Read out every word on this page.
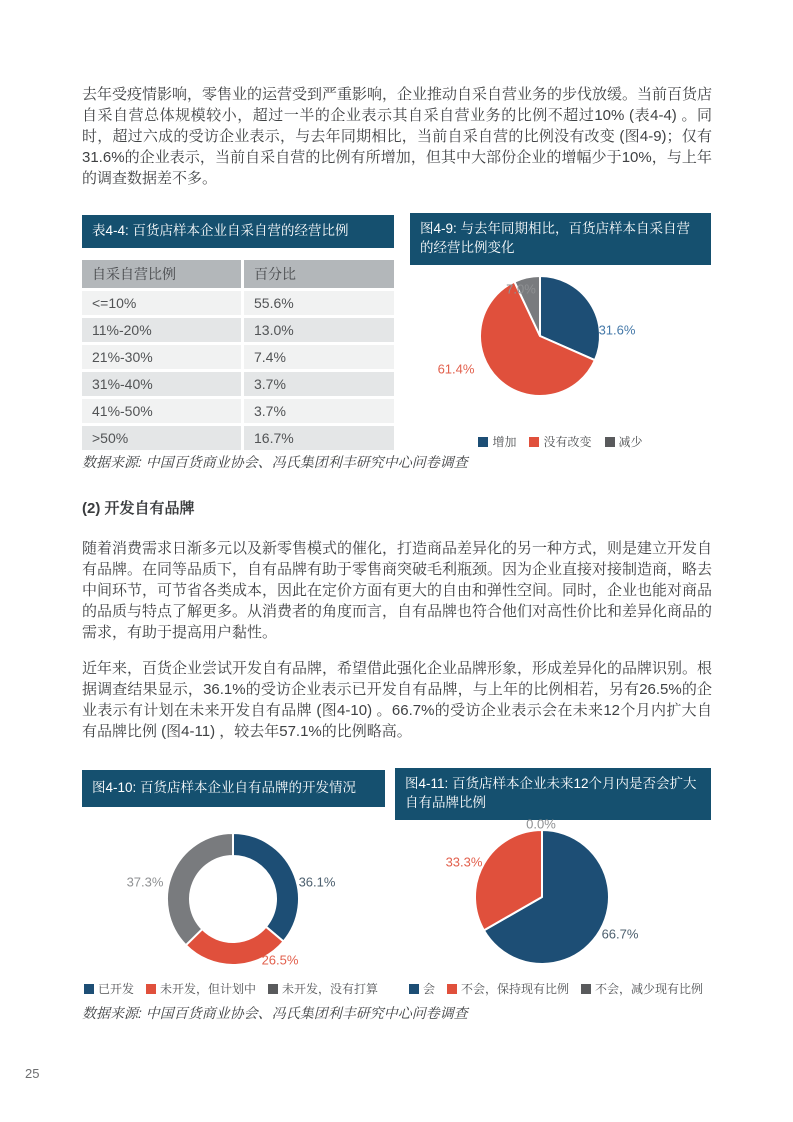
去年受疫情影响，零售业的运营受到严重影响，企业推动自采自营业务的步伐放缓。当前百货店自采自营总体规模较小，超过一半的企业表示其自采自营业务的比例不超过10% (表4-4) 。同时，超过六成的受访企业表示，与去年同期相比，当前自采自营的比例没有改变 (图4-9)；仅有31.6%的企业表示，当前自采自营的比例有所增加，但其中大部份企业的增幅少于10%，与上年的调查数据差不多。

表4-4: 百货店样本企业自采自营的经营比例
自采自营比例	百分比
<=10%	55.6%
11%-20%	13.0%
21%-30%	7.4%
31%-40%	3.7%
41%-50%	3.7%
>50%	16.7%
图4-9: 与去年同期相比，百货店样本自采自营的经营比例变化
7.0%
31.6%
61.4%
增加 没有改变 减少

数据来源: 中国百货商业协会、冯氏集团利丰研究中心问卷调查

(2) 开发自有品牌

随着消费需求日渐多元以及新零售模式的催化，打造商品差异化的另一种方式，则是建立开发自有品牌。在同等品质下，自有品牌有助于零售商突破毛利瓶颈。因为企业直接对接制造商，略去中间环节，可节省各类成本，因此在定价方面有更大的自由和弹性空间。同时，企业也能对商品的品质与特点了解更多。从消费者的角度而言，自有品牌也符合他们对高性价比和差异化商品的需求，有助于提高用户黏性。

近年来，百货企业尝试开发自有品牌，希望借此强化企业品牌形象，形成差异化的品牌识别。根据调查结果显示，36.1%的受访企业表示已开发自有品牌，与上年的比例相若，另有26.5%的企业表示有计划在未来开发自有品牌 (图4-10) 。66.7%的受访企业表示会在未来12个月内扩大自有品牌比例 (图4-11) ，较去年57.1%的比例略高。

图4-10: 百货店样本企业自有品牌的开发情况
37.3%	36.1%
26.5%
已开发 未开发，但计划中 未开发，没有打算
图4-11: 百货店样本企业未来12个月内是否会扩大自有品牌比例
0.0%
33.3%
66.7%
会 不会，保持现有比例 不会，减少现有比例

数据来源: 中国百货商业协会、冯氏集团利丰研究中心问卷调查

25
